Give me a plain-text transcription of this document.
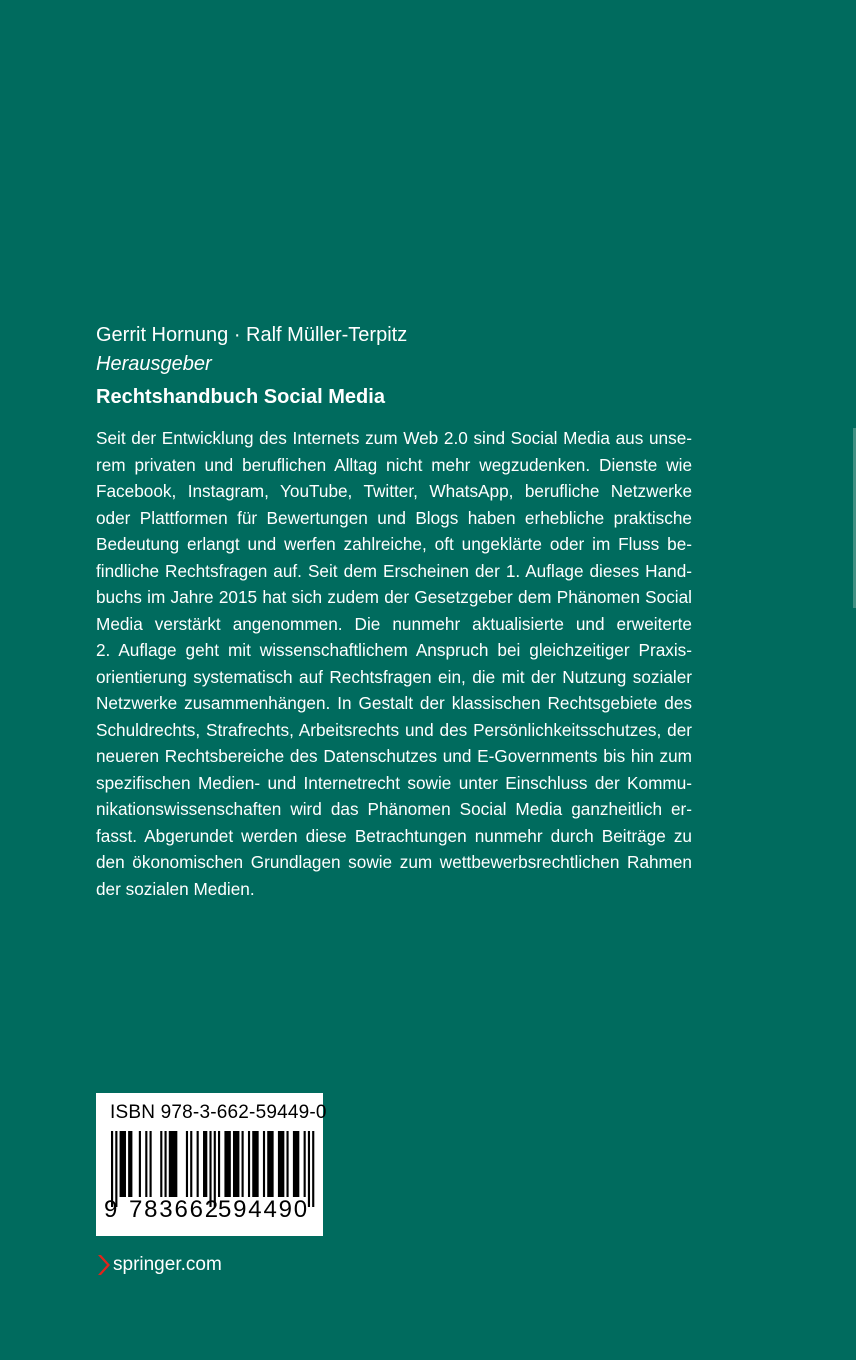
Gerrit Hornung · Ralf Müller-Terpitz
Herausgeber
Rechtshandbuch Social Media
Seit der Entwicklung des Internets zum Web 2.0 sind Social Media aus unse-
rem privaten und beruflichen Alltag nicht mehr wegzudenken. Dienste wie
Facebook, Instagram, YouTube, Twitter, WhatsApp, berufliche Netzwerke
oder Plattformen für Bewertungen und Blogs haben erhebliche praktische
Bedeutung erlangt und werfen zahlreiche, oft ungeklärte oder im Fluss be-
findliche Rechtsfragen auf. Seit dem Erscheinen der 1. Auflage dieses Hand-
buchs im Jahre 2015 hat sich zudem der Gesetzgeber dem Phänomen Social
Media verstärkt angenommen. Die nunmehr aktualisierte und erweiterte
2. Auflage geht mit wissenschaftlichem Anspruch bei gleichzeitiger Praxis-
orientierung systematisch auf Rechtsfragen ein, die mit der Nutzung sozialer
Netzwerke zusammenhängen. In Gestalt der klassischen Rechtsgebiete des
Schuldrechts, Strafrechts, Arbeitsrechts und des Persönlichkeitsschutzes, der
neueren Rechtsbereiche des Datenschutzes und E-Governments bis hin zum
spezifischen Medien- und Internetrecht sowie unter Einschluss der Kommu-
nikationswissenschaften wird das Phänomen Social Media ganzheitlich er-
fasst. Abgerundet werden diese Betrachtungen nunmehr durch Beiträge zu
den ökonomischen Grundlagen sowie zum wettbewerbsrechtlichen Rahmen
der sozialen Medien.
ISBN 978-3-662-59449-0
9 783662
594490
springer.com
